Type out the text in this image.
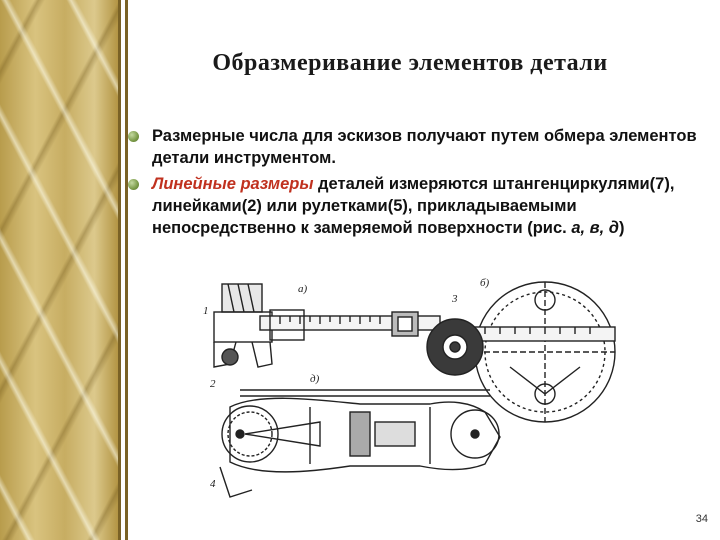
Образмеривание элементов детали
Размерные числа для эскизов получают путем обмера элементов детали инструментом.
Линейные размеры деталей измеряются штангенциркулями(7), линейками(2) или рулетками(5), прикладываемыми непосредственно к замеряемой поверхности (рис. а, в, д)
а)
1
б)
3
д)
2
4
34
